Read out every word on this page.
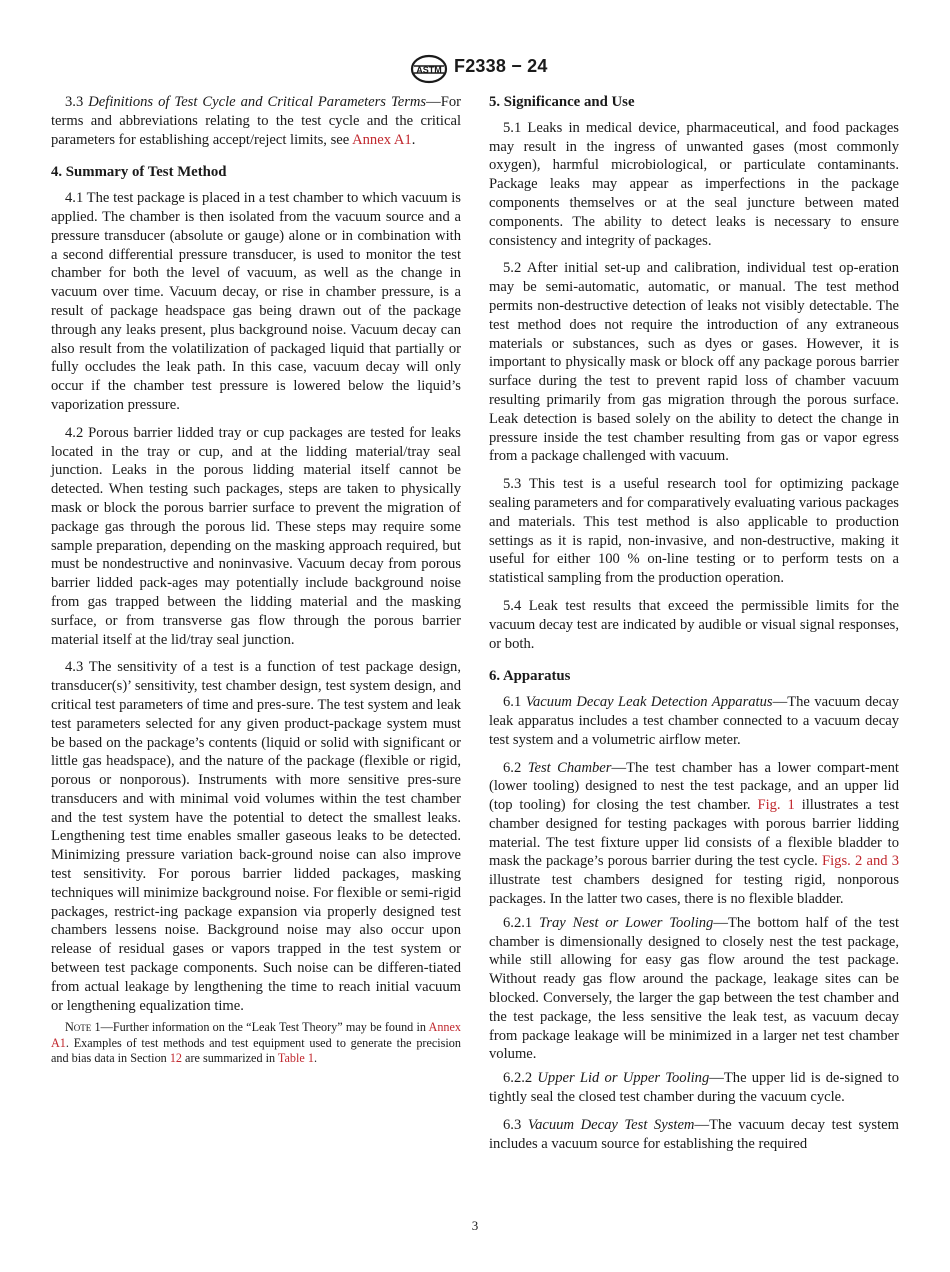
ASTM F2338 − 24

3.3 Definitions of Test Cycle and Critical Parameters Terms—For terms and abbreviations relating to the test cycle and the critical parameters for establishing accept/reject limits, see Annex A1.

4. Summary of Test Method

4.1 The test package is placed in a test chamber to which vacuum is applied. The chamber is then isolated from the vacuum source and a pressure transducer (absolute or gauge) alone or in combination with a second differential pressure transducer, is used to monitor the test chamber for both the level of vacuum, as well as the change in vacuum over time. Vacuum decay, or rise in chamber pressure, is a result of package headspace gas being drawn out of the package through any leaks present, plus background noise. Vacuum decay can also result from the volatilization of packaged liquid that partially or fully occludes the leak path. In this case, vacuum decay will only occur if the chamber test pressure is lowered below the liquid’s vaporization pressure.

4.2 Porous barrier lidded tray or cup packages are tested for leaks located in the tray or cup, and at the lidding material/tray seal junction. Leaks in the porous lidding material itself cannot be detected. When testing such packages, steps are taken to physically mask or block the porous barrier surface to prevent the migration of package gas through the porous lid. These steps may require some sample preparation, depending on the masking approach required, but must be nondestructive and noninvasive. Vacuum decay from porous barrier lidded pack-ages may potentially include background noise from gas trapped between the lidding material and the masking surface, or from transverse gas flow through the porous barrier material itself at the lid/tray seal junction.

4.3 The sensitivity of a test is a function of test package design, transducer(s)’ sensitivity, test chamber design, test system design, and critical test parameters of time and pres-sure. The test system and leak test parameters selected for any given product-package system must be based on the package’s contents (liquid or solid with significant or little gas headspace), and the nature of the package (flexible or rigid, porous or nonporous). Instruments with more sensitive pres-sure transducers and with minimal void volumes within the test chamber and the test system have the potential to detect the smallest leaks. Lengthening test time enables smaller gaseous leaks to be detected. Minimizing pressure variation back-ground noise can also improve test sensitivity. For porous barrier lidded packages, masking techniques will minimize background noise. For flexible or semi-rigid packages, restrict-ing package expansion via properly designed test chambers lessens noise. Background noise may also occur upon release of residual gases or vapors trapped in the test system or between test package components. Such noise can be differen-tiated from actual leakage by lengthening the time to reach initial vacuum or lengthening equalization time.

Note 1—Further information on the “Leak Test Theory” may be found in Annex A1. Examples of test methods and test equipment used to generate the precision and bias data in Section 12 are summarized in Table 1.
5. Significance and Use

5.1 Leaks in medical device, pharmaceutical, and food packages may result in the ingress of unwanted gases (most commonly oxygen), harmful microbiological, or particulate contaminants. Package leaks may appear as imperfections in the package components themselves or at the seal juncture between mated components. The ability to detect leaks is necessary to ensure consistency and integrity of packages.

5.2 After initial set-up and calibration, individual test op-eration may be semi-automatic, automatic, or manual. The test method permits non-destructive detection of leaks not visibly detectable. The test method does not require the introduction of any extraneous materials or substances, such as dyes or gases. However, it is important to physically mask or block off any package porous barrier surface during the test to prevent rapid loss of chamber vacuum resulting primarily from gas migration through the porous surface. Leak detection is based solely on the ability to detect the change in pressure inside the test chamber resulting from gas or vapor egress from a package challenged with vacuum.

5.3 This test is a useful research tool for optimizing package sealing parameters and for comparatively evaluating various packages and materials. This test method is also applicable to production settings as it is rapid, non-invasive, and non-destructive, making it useful for either 100 % on-line testing or to perform tests on a statistical sampling from the production operation.

5.4 Leak test results that exceed the permissible limits for the vacuum decay test are indicated by audible or visual signal responses, or both.

6. Apparatus

6.1 Vacuum Decay Leak Detection Apparatus—The vacuum decay leak apparatus includes a test chamber connected to a vacuum decay test system and a volumetric airflow meter.

6.2 Test Chamber—The test chamber has a lower compart-ment (lower tooling) designed to nest the test package, and an upper lid (top tooling) for closing the test chamber. Fig. 1 illustrates a test chamber designed for testing packages with porous barrier lidding material. The test fixture upper lid consists of a flexible bladder to mask the package’s porous barrier during the test cycle. Figs. 2 and 3 illustrate test chambers designed for testing rigid, nonporous packages. In the latter two cases, there is no flexible bladder.

6.2.1 Tray Nest or Lower Tooling—The bottom half of the test chamber is dimensionally designed to closely nest the test package, while still allowing for easy gas flow around the test package. Without ready gas flow around the package, leakage sites can be blocked. Conversely, the larger the gap between the test chamber and the test package, the less sensitive the leak test, as vacuum decay from package leakage will be minimized in a larger net test chamber volume.

6.2.2 Upper Lid or Upper Tooling—The upper lid is de-signed to tightly seal the closed test chamber during the vacuum cycle.

6.3 Vacuum Decay Test System—The vacuum decay test system includes a vacuum source for establishing the required

3
